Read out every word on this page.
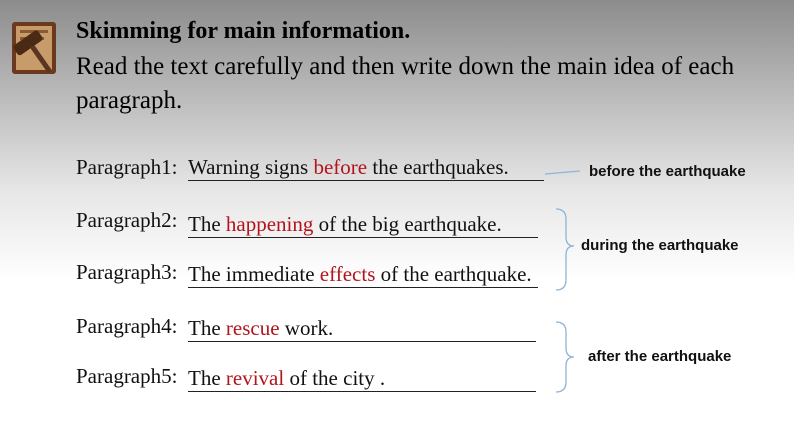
Skimming for main information.
Read the text carefully and then write down the main idea of each paragraph.
Paragraph1: Warning signs before the earthquakes.
Paragraph2: The happening of the big earthquake.
Paragraph3: The immediate effects of the earthquake.
Paragraph4: The rescue work.
Paragraph5: The revival of the city .
before the earthquake
during the earthquake
after the earthquake
